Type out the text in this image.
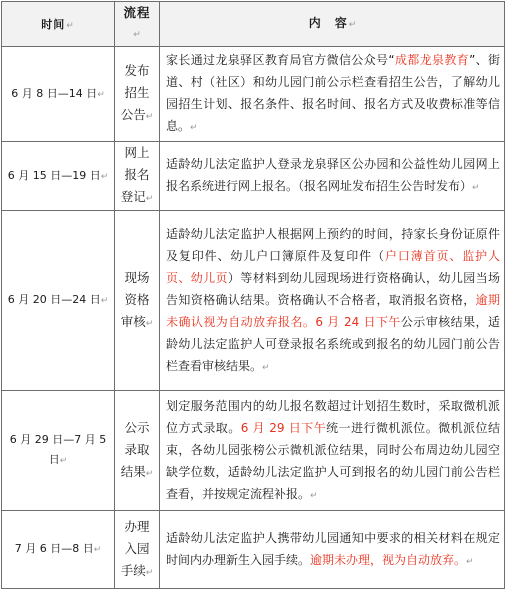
时间↵	流程
↵	内　容↵
6 月 8 日—14 日↵	发布
招生
公告↵	家长通过龙泉驿区教育局官方微信公众号“成都龙泉教育”、街道、村（社区）和幼儿园门前公示栏查看招生公告，了解幼儿园招生计划、报名条件、报名时间、报名方式及收费标准等信息。↵
6 月 15 日—19 日↵	网上
报名
登记↵	适龄幼儿法定监护人登录龙泉驿区公办园和公益性幼儿园网上报名系统进行网上报名。（报名网址发布招生公告时发布）↵
6 月 20 日—24 日↵	现场
资格
审核↵	适龄幼儿法定监护人根据网上预约的时间，持家长身份证原件及复印件、幼儿户口簿原件及复印件（户口薄首页、监护人页、幼儿页）等材料到幼儿园现场进行资格确认，幼儿园当场告知资格确认结果。资格确认不合格者，取消报名资格，逾期未确认视为自动放弃报名。6 月 24 日下午公示审核结果，适龄幼儿法定监护人可登录报名系统或到报名的幼儿园门前公告栏查看审核结果。↵
6 月 29 日—7 月 5 日↵	公示
录取
结果↵	划定服务范围内的幼儿报名数超过计划招生数时，采取微机派位方式录取。6 月 29 日下午统一进行微机派位。微机派位结束，各幼儿园张榜公示微机派位结果，同时公布周边幼儿园空缺学位数，适龄幼儿法定监护人可到报名的幼儿园门前公告栏查看，并按规定流程补报。↵
7 月 6 日—8 日↵	办理
入园
手续↵	适龄幼儿法定监护人携带幼儿园通知中要求的相关材料在规定时间内办理新生入园手续。逾期未办理，视为自动放弃。↵
